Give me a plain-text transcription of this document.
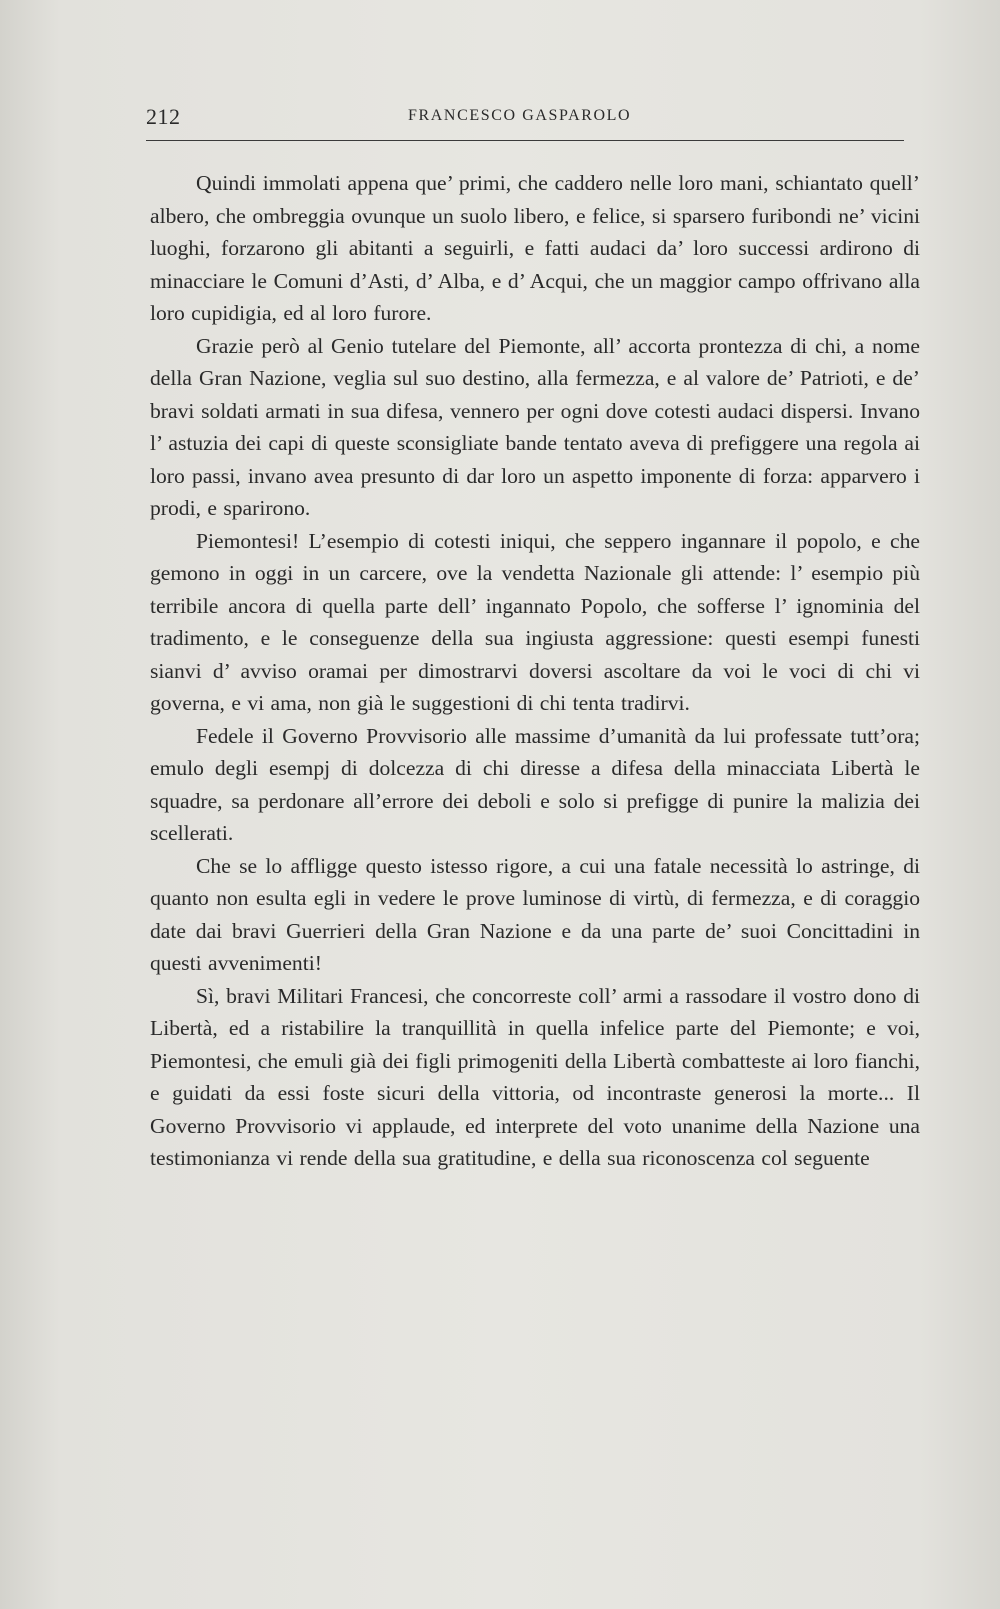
212	FRANCESCO GASPAROLO

Quindi immolati appena que’ primi, che caddero nelle loro mani, schiantato quell’ albero, che ombreggia ovunque un suolo libero, e felice, si sparsero furibondi ne’ vicini luoghi, forzarono gli abitanti a seguirli, e fatti audaci da’ loro successi ardirono di minacciare le Comuni d’Asti, d’ Alba, e d’ Acqui, che un maggior campo offrivano alla loro cupidigia, ed al loro furore.

Grazie però al Genio tutelare del Piemonte, all’ accorta prontezza di chi, a nome della Gran Nazione, veglia sul suo destino, alla fermezza, e al valore de’ Patrioti, e de’ bravi soldati armati in sua difesa, vennero per ogni dove cotesti audaci dispersi. Invano l’ astuzia dei capi di queste sconsigliate bande tentato aveva di prefiggere una regola ai loro passi, invano avea presunto di dar loro un aspetto imponente di forza: apparvero i prodi, e sparirono.

Piemontesi! L’esempio di cotesti iniqui, che seppero ingannare il popolo, e che gemono in oggi in un carcere, ove la vendetta Nazionale gli attende: l’ esempio più terribile ancora di quella parte dell’ ingannato Popolo, che sofferse l’ ignominia del tradimento, e le conseguenze della sua ingiusta aggressione: questi esempi funesti sianvi d’ avviso oramai per dimostrarvi doversi ascoltare da voi le voci di chi vi governa, e vi ama, non già le suggestioni di chi tenta tradirvi.

Fedele il Governo Provvisorio alle massime d’umanità da lui professate tutt’ora; emulo degli esempj di dolcezza di chi diresse a difesa della minacciata Libertà le squadre, sa perdonare all’errore dei deboli e solo si prefigge di punire la malizia dei scellerati.

Che se lo affligge questo istesso rigore, a cui una fatale necessità lo astringe, di quanto non esulta egli in vedere le prove luminose di virtù, di fermezza, e di coraggio date dai bravi Guerrieri della Gran Nazione e da una parte de’ suoi Concittadini in questi avvenimenti!

Sì, bravi Militari Francesi, che concorreste coll’ armi a rassodare il vostro dono di Libertà, ed a ristabilire la tranquillità in quella infelice parte del Piemonte; e voi, Piemontesi, che emuli già dei figli primogeniti della Libertà combatteste ai loro fianchi, e guidati da essi foste sicuri della vittoria, od incontraste generosi la morte... Il Governo Provvisorio vi applaude, ed interprete del voto unanime della Nazione una testimonianza vi rende della sua gratitudine, e della sua riconoscenza col seguente
